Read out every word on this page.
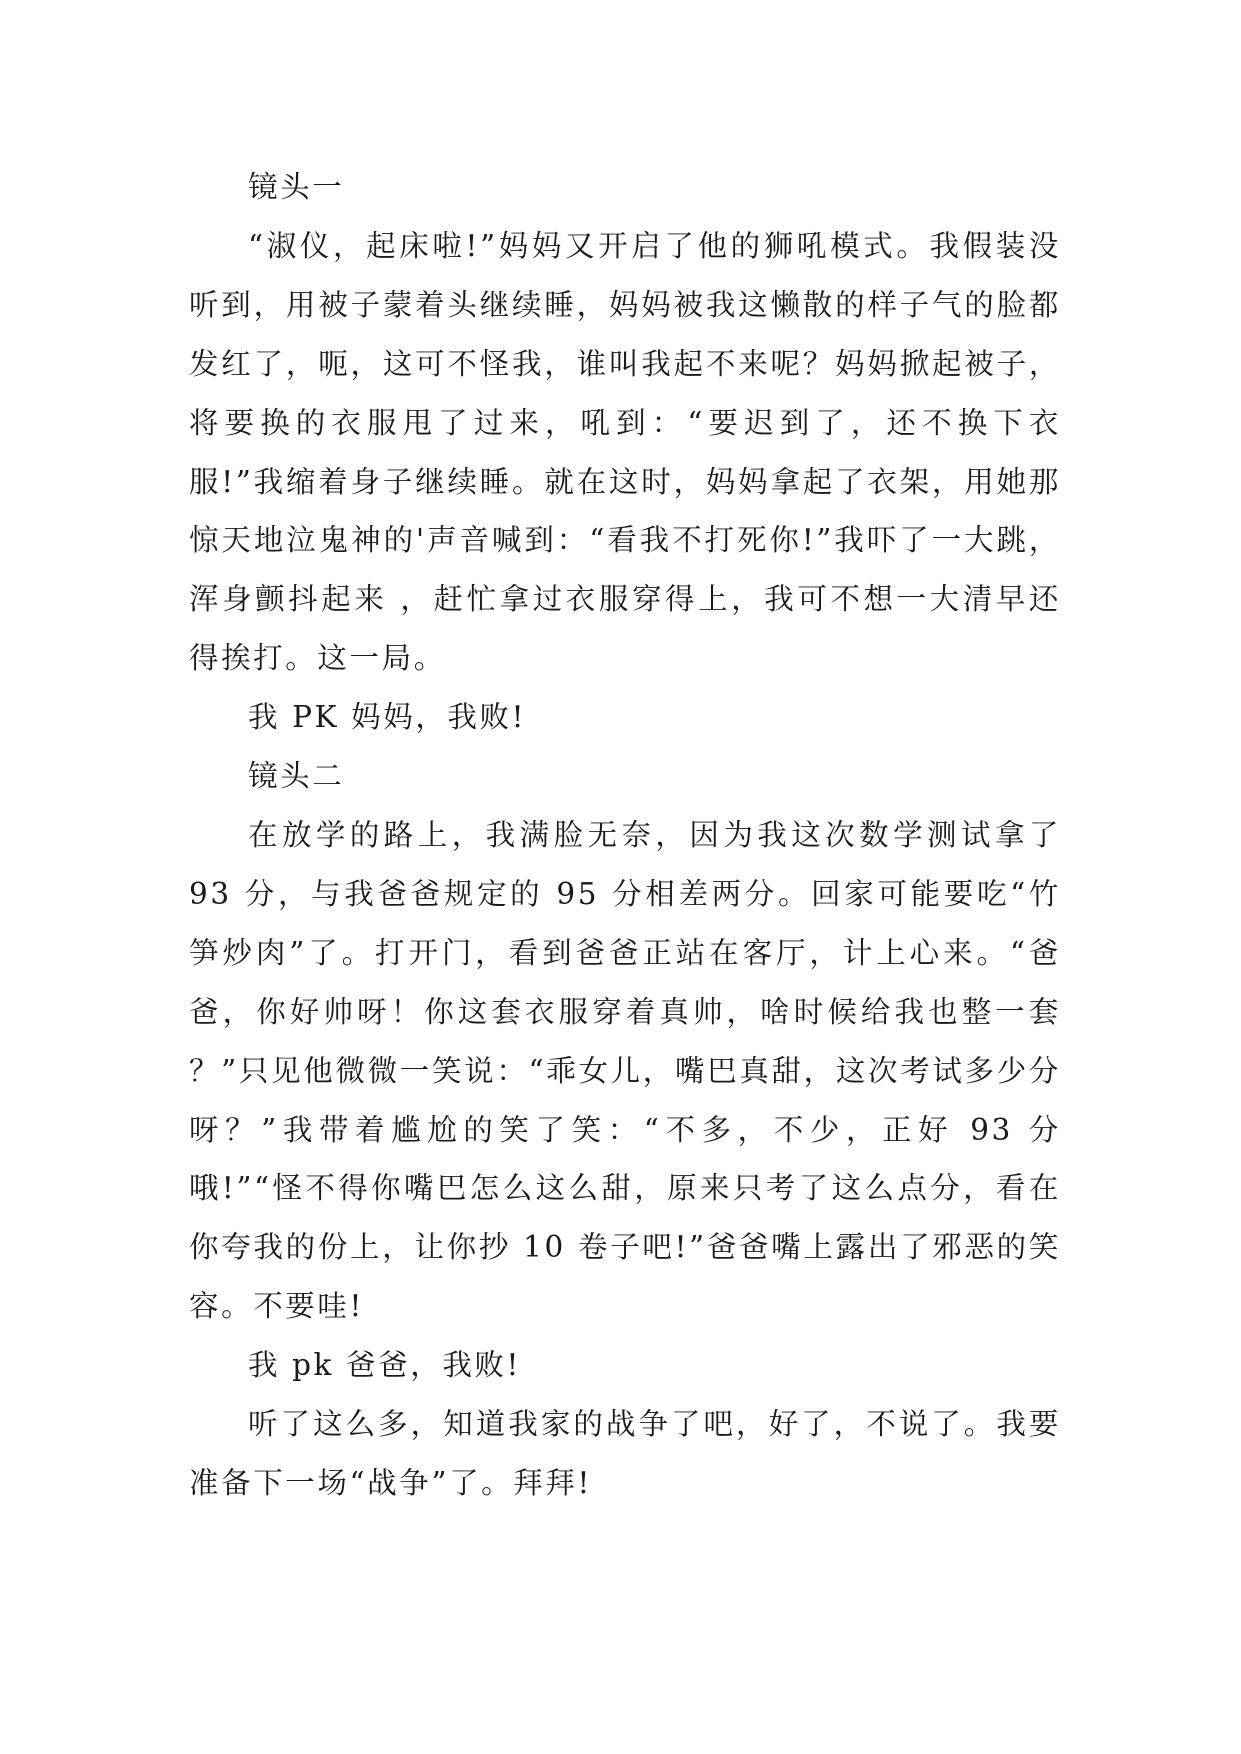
镜头一

“淑仪，起床啦!”妈妈又开启了他的狮吼模式。我假装没听到，用被子蒙着头继续睡，妈妈被我这懒散的样子气的脸都发红了，呃，这可不怪我，谁叫我起不来呢？妈妈掀起被子，将要换的衣服甩了过来，吼到：“要迟到了，还不换下衣服!”我缩着身子继续睡。就在这时，妈妈拿起了衣架，用她那惊天地泣鬼神的'声音喊到：“看我不打死你!”我吓了一大跳，浑身颤抖起来 ，赶忙拿过衣服穿得上，我可不想一大清早还得挨打。这一局。

我 PK 妈妈，我败!

镜头二

在放学的路上，我满脸无奈，因为我这次数学测试拿了 93 分，与我爸爸规定的 95 分相差两分。回家可能要吃“竹笋炒肉”了。打开门，看到爸爸正站在客厅，计上心来。“爸爸，你好帅呀！你这套衣服穿着真帅，啥时候给我也整一套 ？”只见他微微一笑说：“乖女儿，嘴巴真甜，这次考试多少分呀？”我带着尴尬的笑了笑：“不多，不少，正好 93 分哦!”“怪不得你嘴巴怎么这么甜，原来只考了这么点分，看在你夸我的份上，让你抄 10 卷子吧!”爸爸嘴上露出了邪恶的笑容。不要哇!

我 pk 爸爸，我败!

听了这么多，知道我家的战争了吧，好了，不说了。我要准备下一场“战争”了。拜拜!
